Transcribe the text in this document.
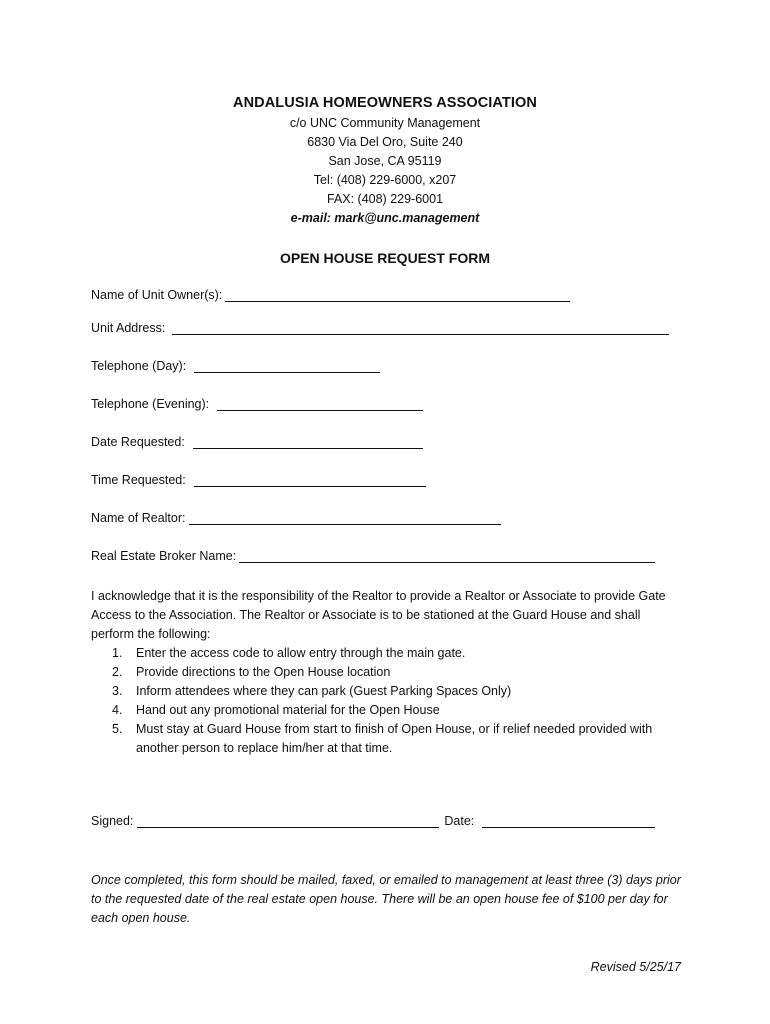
ANDALUSIA HOMEOWNERS ASSOCIATION
c/o UNC Community Management
6830 Via Del Oro, Suite 240
San Jose, CA 95119
Tel: (408) 229-6000, x207
FAX: (408) 229-6001
e-mail: mark@unc.management
OPEN HOUSE REQUEST FORM
Name of Unit Owner(s):
Unit Address:
Telephone (Day):
Telephone (Evening):
Date Requested:
Time Requested:
Name of Realtor:
Real Estate Broker Name:
I acknowledge that it is the responsibility of the Realtor to provide a Realtor or Associate to provide Gate Access to the Association. The Realtor or Associate is to be stationed at the Guard House and shall perform the following:
1. Enter the access code to allow entry through the main gate.
2. Provide directions to the Open House location
3. Inform attendees where they can park (Guest Parking Spaces Only)
4. Hand out any promotional material for the Open House
5. Must stay at Guard House from start to finish of Open House, or if relief needed provided with another person to replace him/her at that time.
Signed:	Date:
Once completed, this form should be mailed, faxed, or emailed to management at least three (3) days prior to the requested date of the real estate open house. There will be an open house fee of $100 per day for each open house.
Revised 5/25/17
